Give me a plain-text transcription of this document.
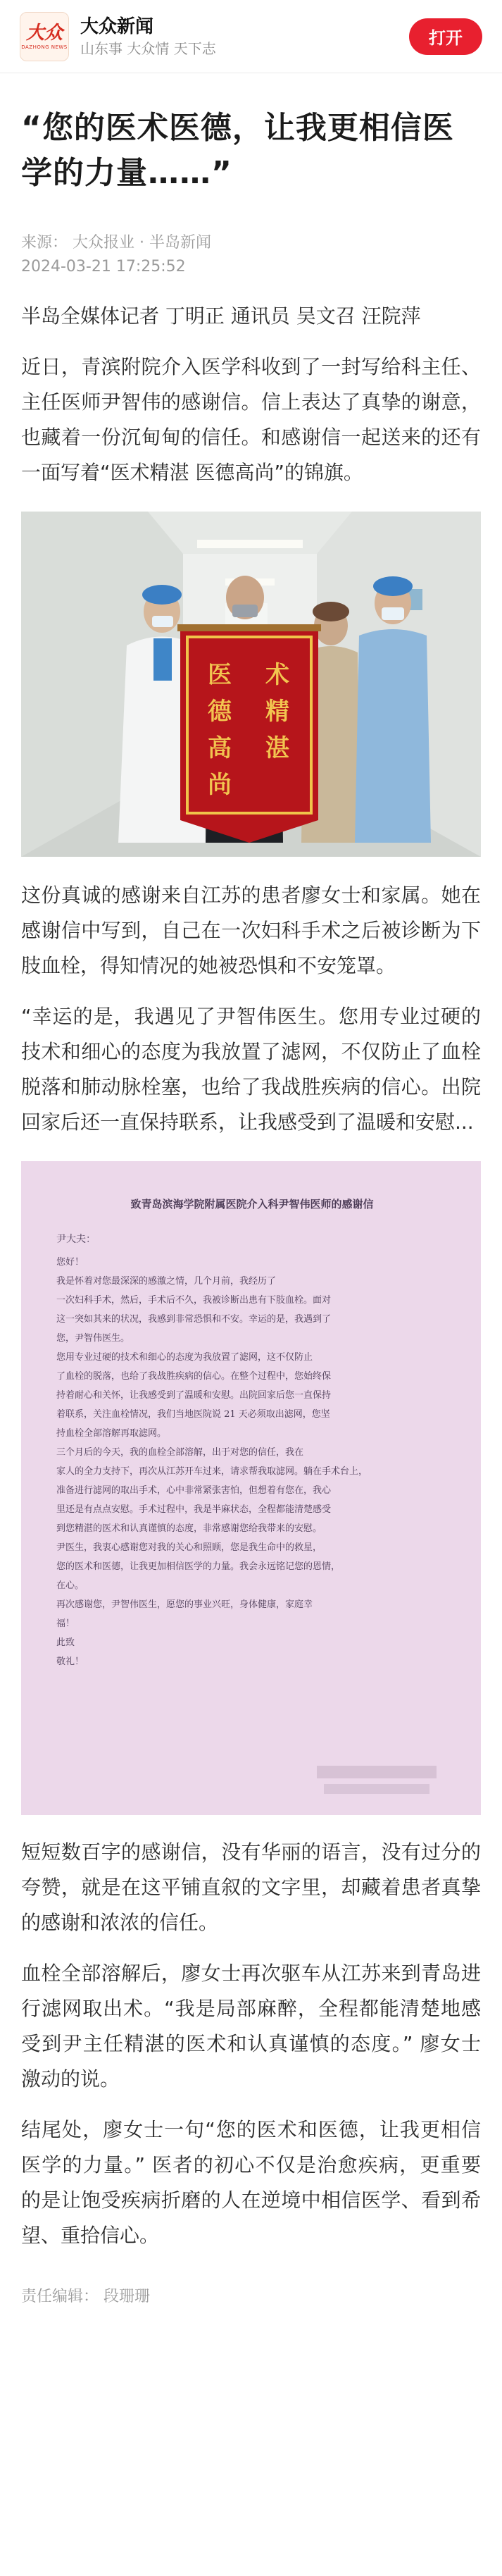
大众
DAZHONG NEWS
大众新闻
山东事 大众情 天下志
打开
“您的医术医德，让我更相信医学的力量……”
来源： 大众报业 · 半岛新闻
2024-03-21 17:25:52

半岛全媒体记者 丁明正 通讯员 吴文召 汪院萍

近日，青滨附院介入医学科收到了一封写给科主任、主任医师尹智伟的感谢信。信上表达了真挚的谢意，也藏着一份沉甸甸的信任。和感谢信一起送来的还有一面写着“医术精湛 医德高尚”的锦旗。

医德高尚
术精湛

这份真诚的感谢来自江苏的患者廖女士和家属。她在感谢信中写到，自己在一次妇科手术之后被诊断为下肢血栓，得知情况的她被恐惧和不安笼罩。

“幸运的是，我遇见了尹智伟医生。您用专业过硬的技术和细心的态度为我放置了滤网，不仅防止了血栓脱落和肺动脉栓塞，也给了我战胜疾病的信心。出院回家后还一直保持联系，让我感受到了温暖和安慰...

致青岛滨海学院附属医院介入科尹智伟医师的感谢信
尹大夫：
您好！
我是怀着对您最深深的感激之情，几个月前，我经历了
一次妇科手术，然后，手术后不久，我被诊断出患有下肢血栓。面对
这一突如其来的状况，我感到非常恐惧和不安。幸运的是，我遇到了
您，尹智伟医生。
您用专业过硬的技术和细心的态度为我放置了滤网，这不仅防止
了血栓的脱落，也给了我战胜疾病的信心。在整个过程中，您始终保
持着耐心和关怀，让我感受到了温暖和安慰。出院回家后您一直保持
着联系，关注血栓情况，我们当地医院说 21 天必须取出滤网，您坚
持血栓全部溶解再取滤网。
三个月后的今天，我的血栓全部溶解，出于对您的信任，我在
家人的全力支持下，再次从江苏开车过来，请求帮我取滤网。躺在手术台上，
准备进行滤网的取出手术，心中非常紧张害怕，但想着有您在，我心
里还是有点点安慰。手术过程中，我是半麻状态，全程都能清楚感受
到您精湛的医术和认真谨慎的态度，非常感谢您给我带来的安慰。
尹医生，我衷心感谢您对我的关心和照顾，您是我生命中的救星，
您的医术和医德，让我更加相信医学的力量。我会永远铭记您的恩情，
在心。
再次感谢您，尹智伟医生，愿您的事业兴旺，身体健康，家庭幸
福！
此致
敬礼！

短短数百字的感谢信，没有华丽的语言，没有过分的夸赞，就是在这平铺直叙的文字里，却藏着患者真挚的感谢和浓浓的信任。

血栓全部溶解后，廖女士再次驱车从江苏来到青岛进行滤网取出术。“我是局部麻醉，全程都能清楚地感受到尹主任精湛的医术和认真谨慎的态度。” 廖女士激动的说。

结尾处，廖女士一句“您的医术和医德，让我更相信医学的力量。” 医者的初心不仅是治愈疾病，更重要的是让饱受疾病折磨的人在逆境中相信医学、看到希望、重拾信心。

责任编辑： 段珊珊
